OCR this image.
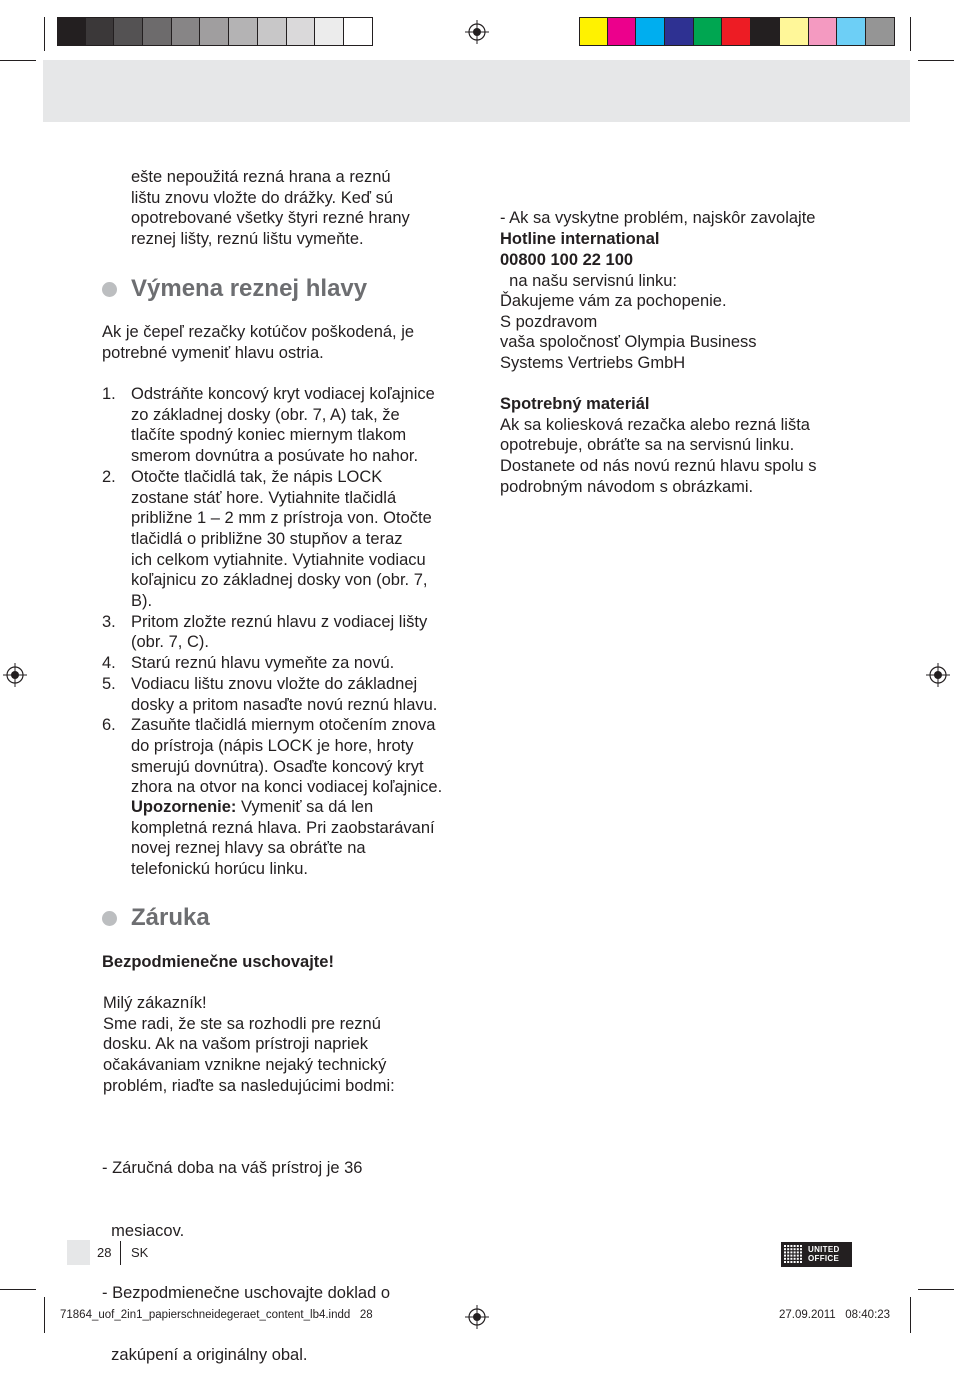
ešte nepoužitá rezná hrana a reznú
lištu znovu vložte do drážky. Keď sú
opotrebované všetky štyri rezné hrany
reznej lišty, reznú lištu vymeňte.
Výmena reznej hlavy
Ak je čepeľ rezačky kotúčov poškodená, je
potrebné vymeniť hlavu ostria.
1. Odstráňte koncový kryt vodiacej koľajnice
zo základnej dosky (obr. 7, A) tak, že
tlačíte spodný koniec miernym tlakom
smerom dovnútra a posúvate ho nahor.
2. Otočte tlačidlá tak, že nápis LOCK
zostane stáť hore. Vytiahnite tlačidlá
približne 1 – 2 mm z prístroja von. Otočte
tlačidlá o približne 30 stupňov a teraz
ich celkom vytiahnite. Vytiahnite vodiacu
koľajnicu zo základnej dosky von (obr. 7,
B).
3. Pritom zložte reznú hlavu z vodiacej lišty
(obr. 7, C).
4. Starú reznú hlavu vymeňte za novú.
5. Vodiacu lištu znovu vložte do základnej
dosky a pritom nasaďte novú reznú hlavu.
6. Zasuňte tlačidlá miernym otočením znova
do prístroja (nápis LOCK je hore, hroty
smerujú dovnútra). Osaďte koncový kryt
zhora na otvor na konci vodiacej koľajnice.
Upozornenie: Vymeniť sa dá len
kompletná rezná hlava. Pri zaobstarávaní
novej reznej hlavy sa obráťte na
telefonickú horúcu linku.
Záruka
Bezpodmienečne uschovajte!
Milý zákazník!
Sme radi, že ste sa rozhodli pre reznú
dosku. Ak na vašom prístroji napriek
očakávaniam vznikne nejaký technický
problém, riaďte sa nasledujúcimi bodmi:

- Záručná doba na váš prístroj je 36

mesiacov.

- Bezpodmienečne uschovajte doklad o

zakúpení a originálny obal.

- Ak sa vyskytne problém, najskôr zavolajte

na našu servisnú linku:

Hotline international
00800 100 22 100
Ďakujeme vám za pochopenie.
S pozdravom
vaša spoločnosť Olympia Business
Systems Vertriebs GmbH
Spotrebný materiál
Ak sa koliesková rezačka alebo rezná lišta
opotrebuje, obráťte sa na servisnú linku.
Dostanete od nás novú reznú hlavu spolu s
podrobným návodom s obrázkami.
28 SK	UNITED
OFFICE
71864_uof_2in1_papierschneidegeraet_content_lb4.indd   28	27.09.2011   08:40:23
